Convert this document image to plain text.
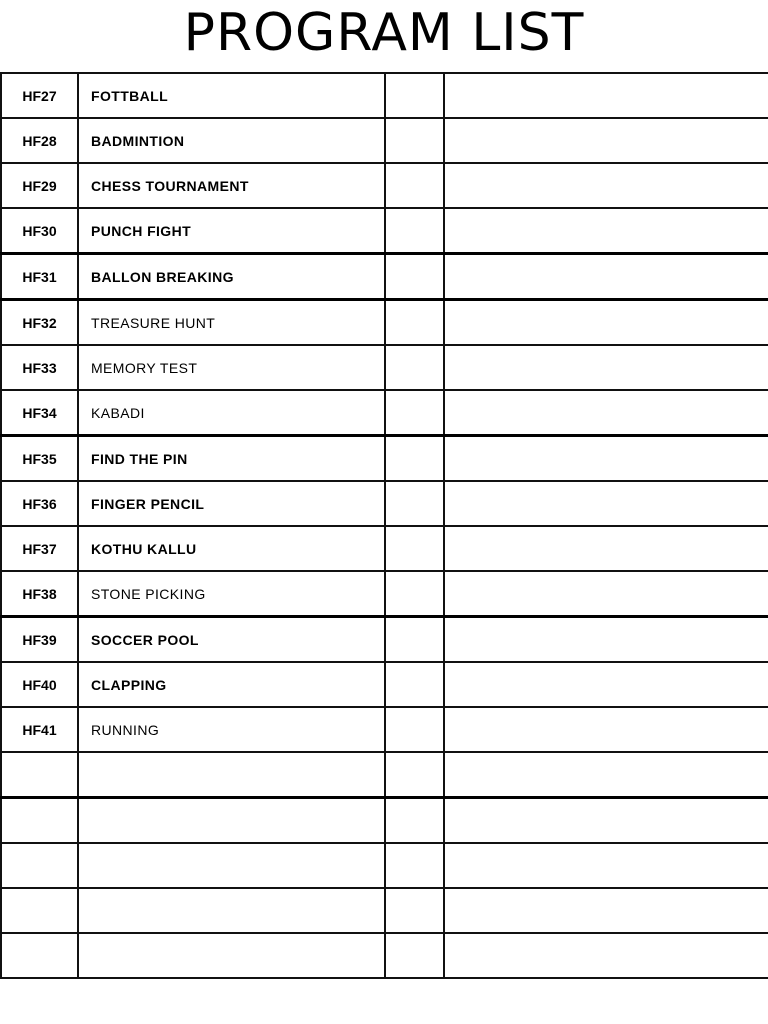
PROGRAM LIST
HF27	FOTTBALL		
HF28	BADMINTION		
HF29	CHESS TOURNAMENT		
HF30	PUNCH FIGHT		
HF31	BALLON BREAKING		
HF32	TREASURE HUNT		
HF33	MEMORY TEST		
HF34	KABADI		
HF35	FIND THE PIN		
HF36	FINGER PENCIL		
HF37	KOTHU KALLU		
HF38	STONE PICKING		
HF39	SOCCER POOL		
HF40	CLAPPING		
HF41	RUNNING		
